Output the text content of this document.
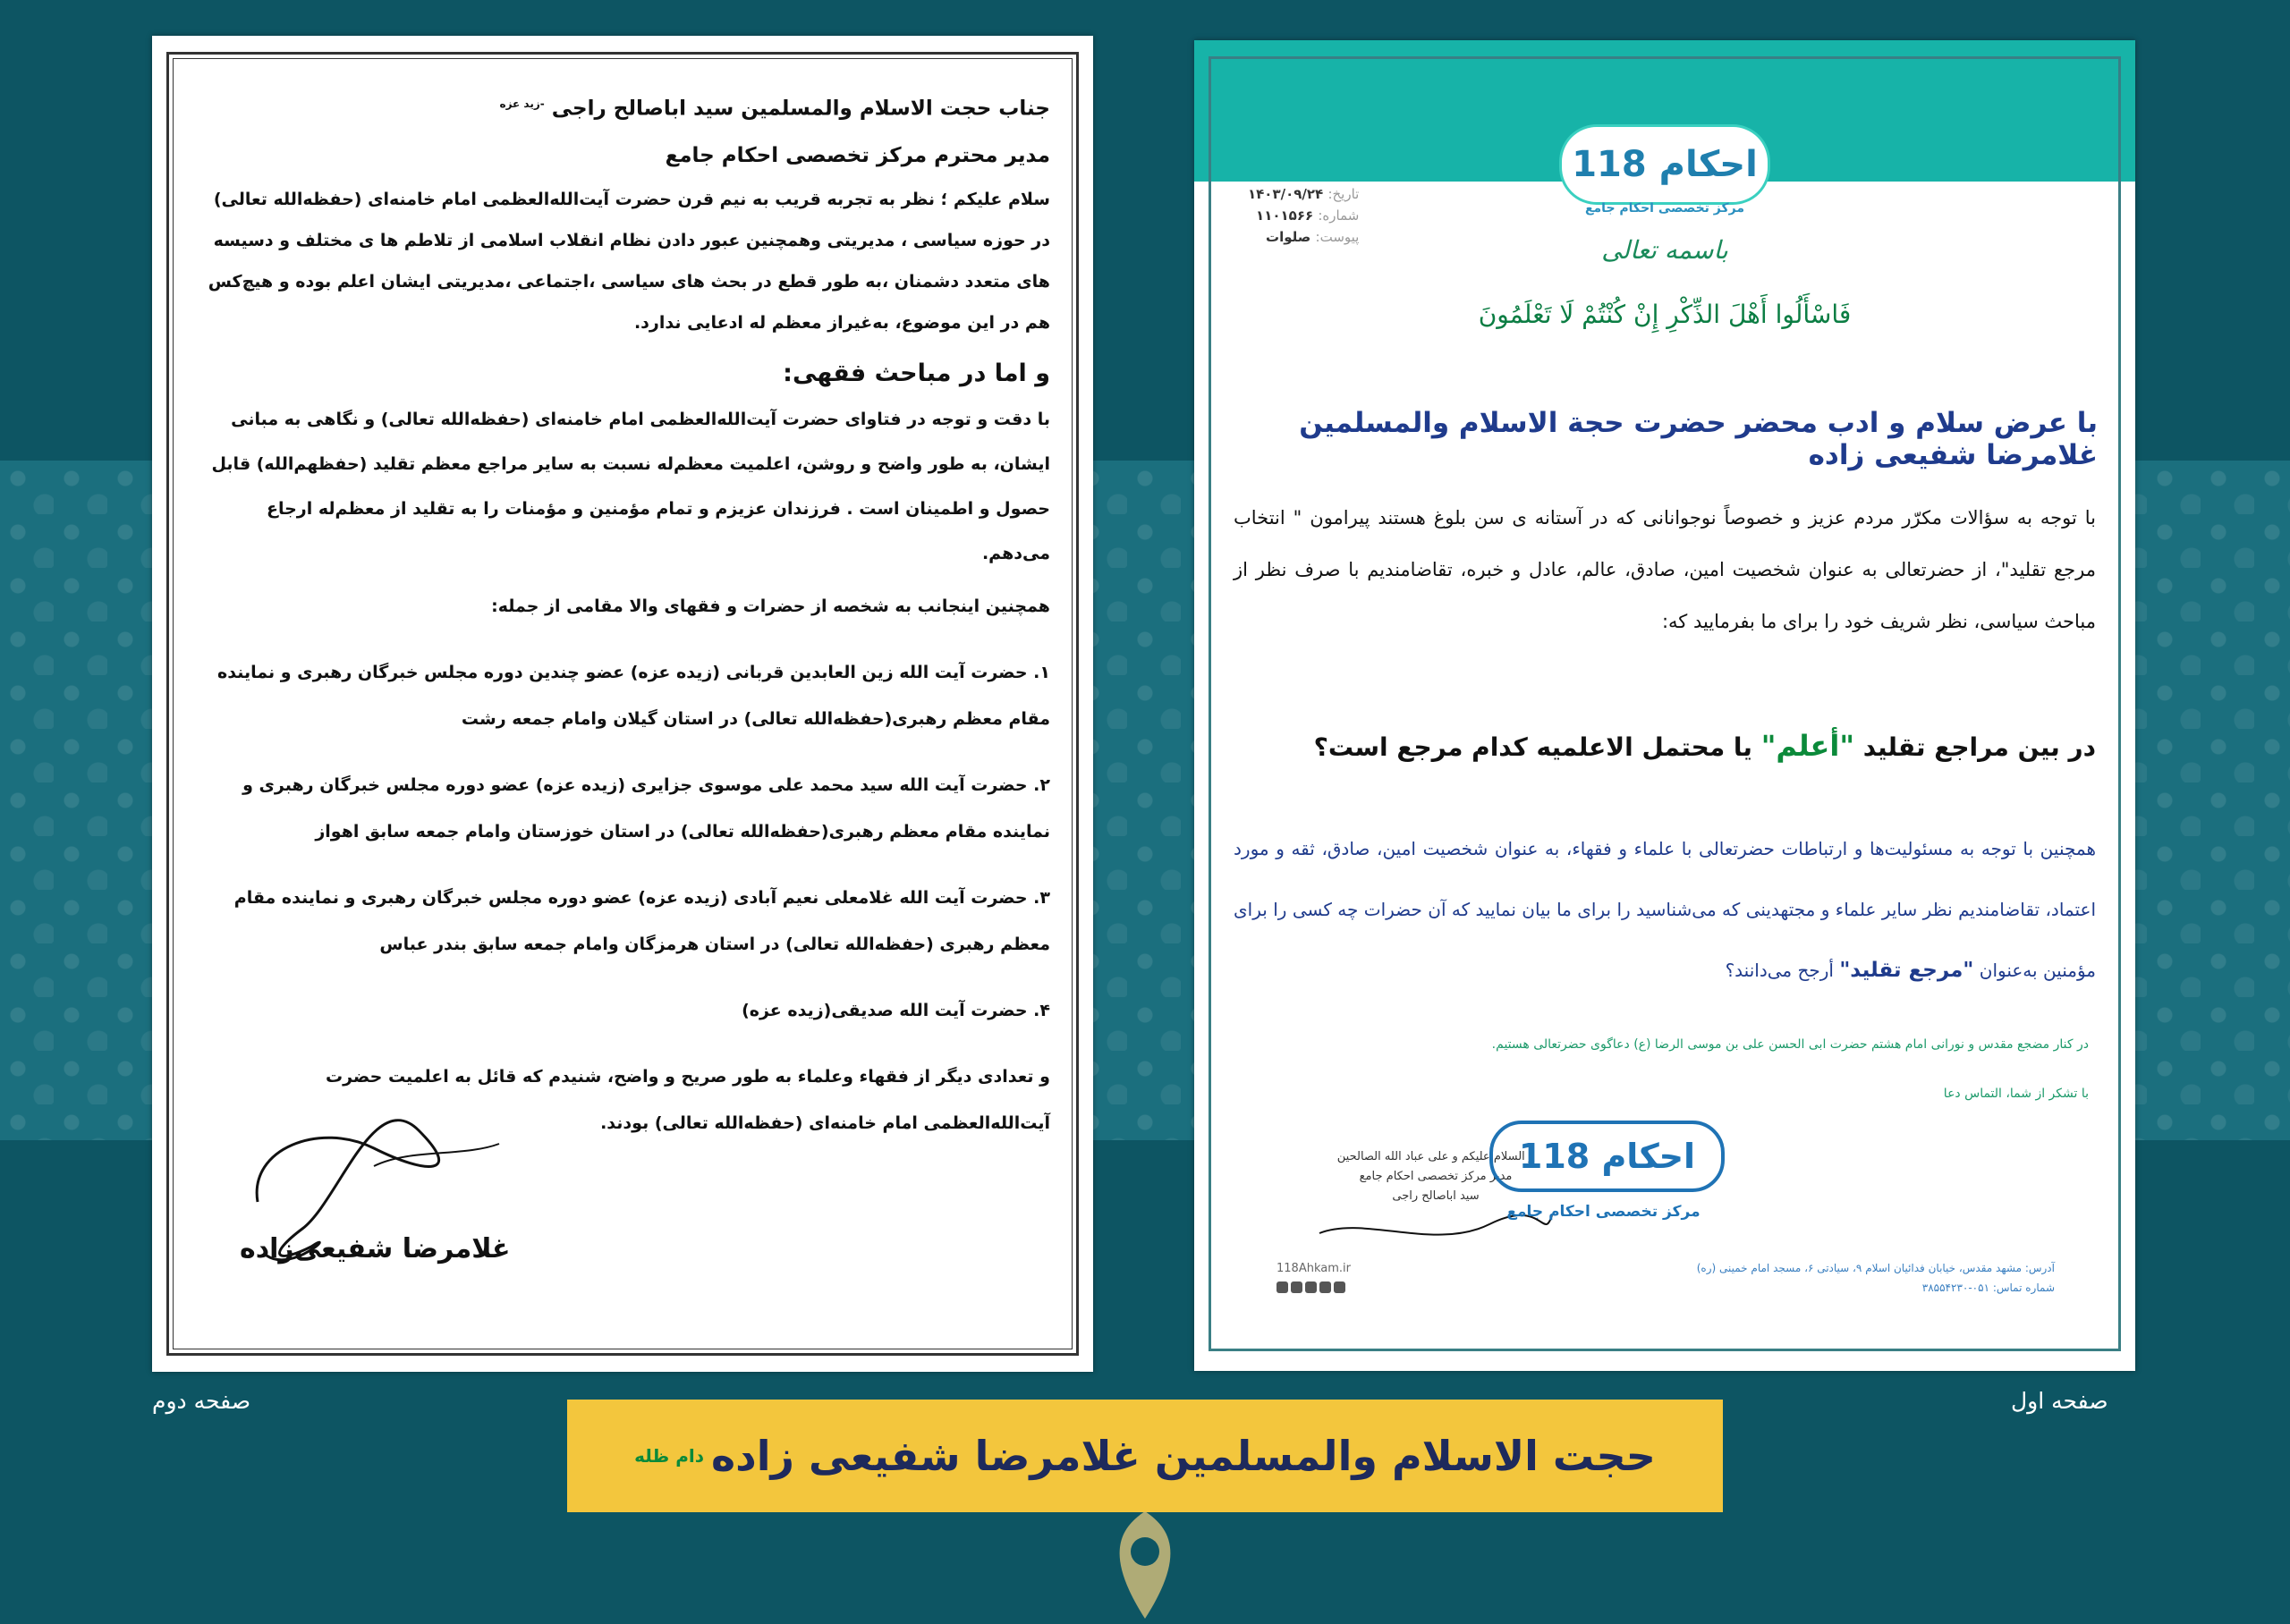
جناب حجت الاسلام والمسلمین سید اباصالح راجی $^{-زید عزه}$
مدیر محترم مرکز تخصصی احکام جامع
سلام علیکم ؛ نظر به تجربه قریب به نیم قرن حضرت آیت‌الله‌العظمی امام خامنه‌ای (حفظه‌الله تعالی) در حوزه سیاسی ، مدیریتی وهمچنین عبور دادن نظام انقلاب اسلامی از تلاطم ها ی مختلف و دسیسه های متعدد دشمنان ،به طور قطع در بحث های سیاسی ،اجتماعی ،مدیریتی ایشان اعلم بوده و هیچ‌کس هم در این موضوع، به‌غیراز معظم له ادعایی ندارد.
و اما در مباحث فقهی:
با دقت و توجه در فتاوای حضرت آیت‌الله‌العظمی امام خامنه‌ای (حفظه‌الله تعالی) و نگاهی به مبانی ایشان، به طور واضح و روشن، اعلمیت معظم‌له نسبت به سایر مراجع معظم تقلید (حفظهم‌الله) قابل حصول و اطمینان است . فرزندان عزیزم و تمام مؤمنین و مؤمنات را به تقلید از معظم‌له ارجاع می‌دهم.
همچنین اینجانب به شخصه از حضرات و فقهای والا مقامی از جمله:
۱. حضرت آیت الله زین العابدین قربانی (زیده عزه) عضو چندین دوره مجلس خبرگان رهبری و نماینده مقام معظم رهبری(حفظه‌الله تعالی) در استان گیلان وامام جمعه رشت
۲. حضرت آیت الله سید محمد علی موسوی جزایری (زیده عزه) عضو دوره مجلس خبرگان رهبری و نماینده مقام معظم رهبری(حفظه‌الله تعالی) در استان خوزستان وامام جمعه سابق اهواز
۳. حضرت آیت الله غلامعلی نعیم آبادی (زیده عزه) عضو دوره مجلس خبرگان رهبری و نماینده مقام معظم رهبری (حفظه‌الله تعالی) در استان هرمزگان وامام جمعه سابق بندر عباس
۴. حضرت آیت الله صدیقی(زیده عزه)
و تعدادی دیگر از فقهاء وعلماء به طور صریح و واضح، شنیدم که قائل به اعلمیت حضرت آیت‌الله‌العظمی امام خامنه‌ای (حفظه‌الله تعالی) بودند.
غلامرضا شفیعی‌زاده
118 احکام
مرکز تخصصی احکام جامع
تاریخ: ۱۴۰۳/۰۹/۲۴
شماره: ۱۱۰۱۵۶۶
پیوست: صلوات	باسمه تعالی
فَاسْأَلُوا أَهْلَ الذِّكْرِ إِنْ كُنْتُمْ لَا تَعْلَمُونَ
با عرض سلام و ادب محضر حضرت حجة الاسلام والمسلمین غلامرضا شفیعی زاده
با توجه به سؤالات مکرّر مردم عزیز و خصوصاً نوجوانانی که در آستانه ی سن بلوغ هستند پیرامون " انتخاب مرجع تقلید"، از حضرتعالی به عنوان شخصیت امین، صادق، عالم، عادل و خبره، تقاضامندیم با صرف نظر از مباحث سیاسی، نظر شریف خود را برای ما بفرمایید که:
در بین مراجع تقلید "أعلم" یا محتمل الاعلمیه کدام مرجع است؟
همچنین با توجه به مسئولیت‌ها و ارتباطات حضرتعالی با علماء و فقهاء، به عنوان شخصیت امین، صادق، ثقه و مورد اعتماد، تقاضامندیم نظر سایر علماء و مجتهدینی که می‌شناسید را برای ما بیان نمایید که آن حضرات چه کسی را برای مؤمنین به‌عنوان "مرجع تقلید" أرجح می‌دانند؟
در کنار مضجع مقدس و نورانی امام هشتم حضرت ابی الحسن علی بن موسی الرضا (ع) دعاگوی حضرتعالی هستیم.
با تشکر از شما، التماس دعا
و السلام علیکم و علی عباد الله الصالحین
مدیر مرکز تخصصی احکام جامع
سید اباصالح راجی
118 احکام
مرکز تخصصی احکام جامع
آدرس: مشهد مقدس، خیابان فدائیان اسلام ۹، سیادتی ۶، مسجد امام خمینی (ره)
شماره تماس: ۰۵۱-۳۸۵۵۴۲۳۰
118Ahkam.ir
صفحه اول
صفحه دوم
حجت الاسلام والمسلمین غلامرضا شفیعی زاده
دام ظله
